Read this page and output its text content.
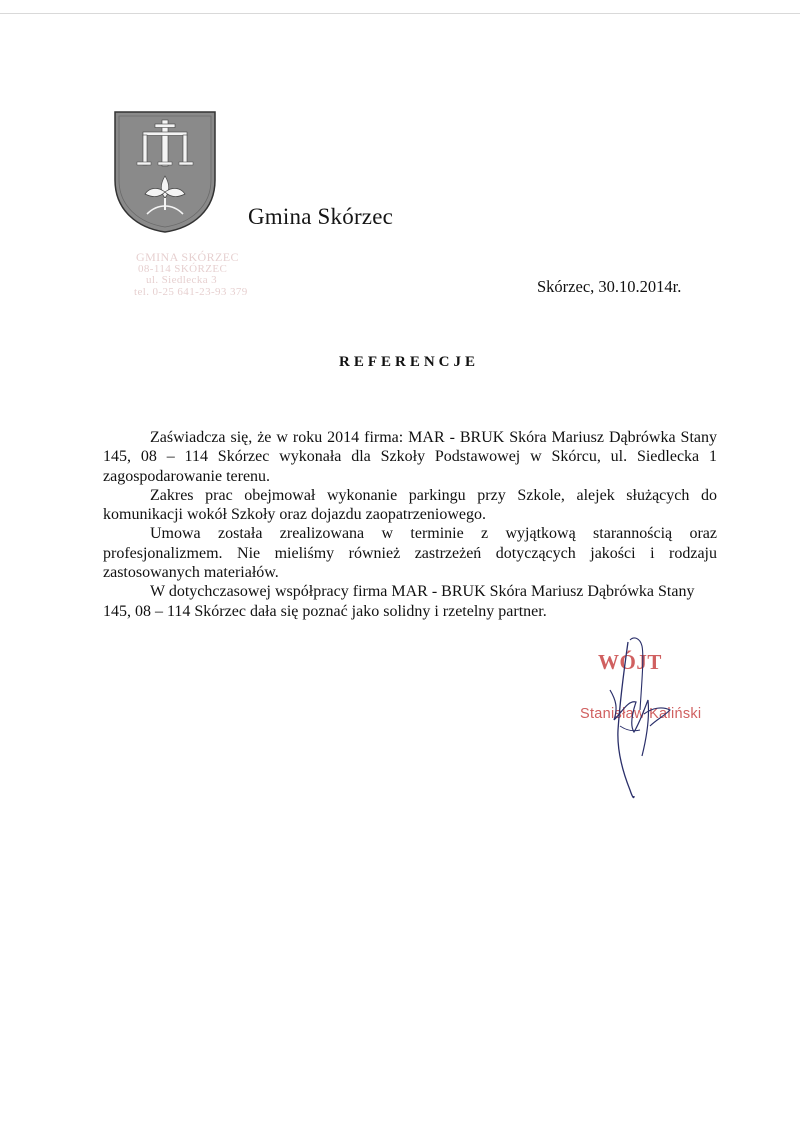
Gmina Skórzec
GMINA SKÓRZEC
08-114 SKÓRZEC
ul. Siedlecka 3
tel. 0-25 641-23-93 379	Skórzec, 30.10.2014r.
REFERENCJE

Zaświadcza się, że w roku 2014 firma: MAR - BRUK Skóra Mariusz Dąbrówka Stany 145, 08 – 114 Skórzec wykonała dla Szkoły Podstawowej w Skórcu, ul. Siedlecka 1 zagospodarowanie terenu.

Zakres prac obejmował wykonanie parkingu przy Szkole, alejek służących do komunikacji wokół Szkoły oraz dojazdu zaopatrzeniowego.

Umowa została zrealizowana w terminie z wyjątkową starannością oraz profesjonalizmem. Nie mieliśmy również zastrzeżeń dotyczących jakości i rodzaju zastosowanych materiałów.

W dotychczasowej współpracy firma MAR - BRUK Skóra Mariusz Dąbrówka Stany 145, 08 – 114 Skórzec dała się poznać jako solidny i rzetelny partner.

WÓJT
Stanisław Kaliński
